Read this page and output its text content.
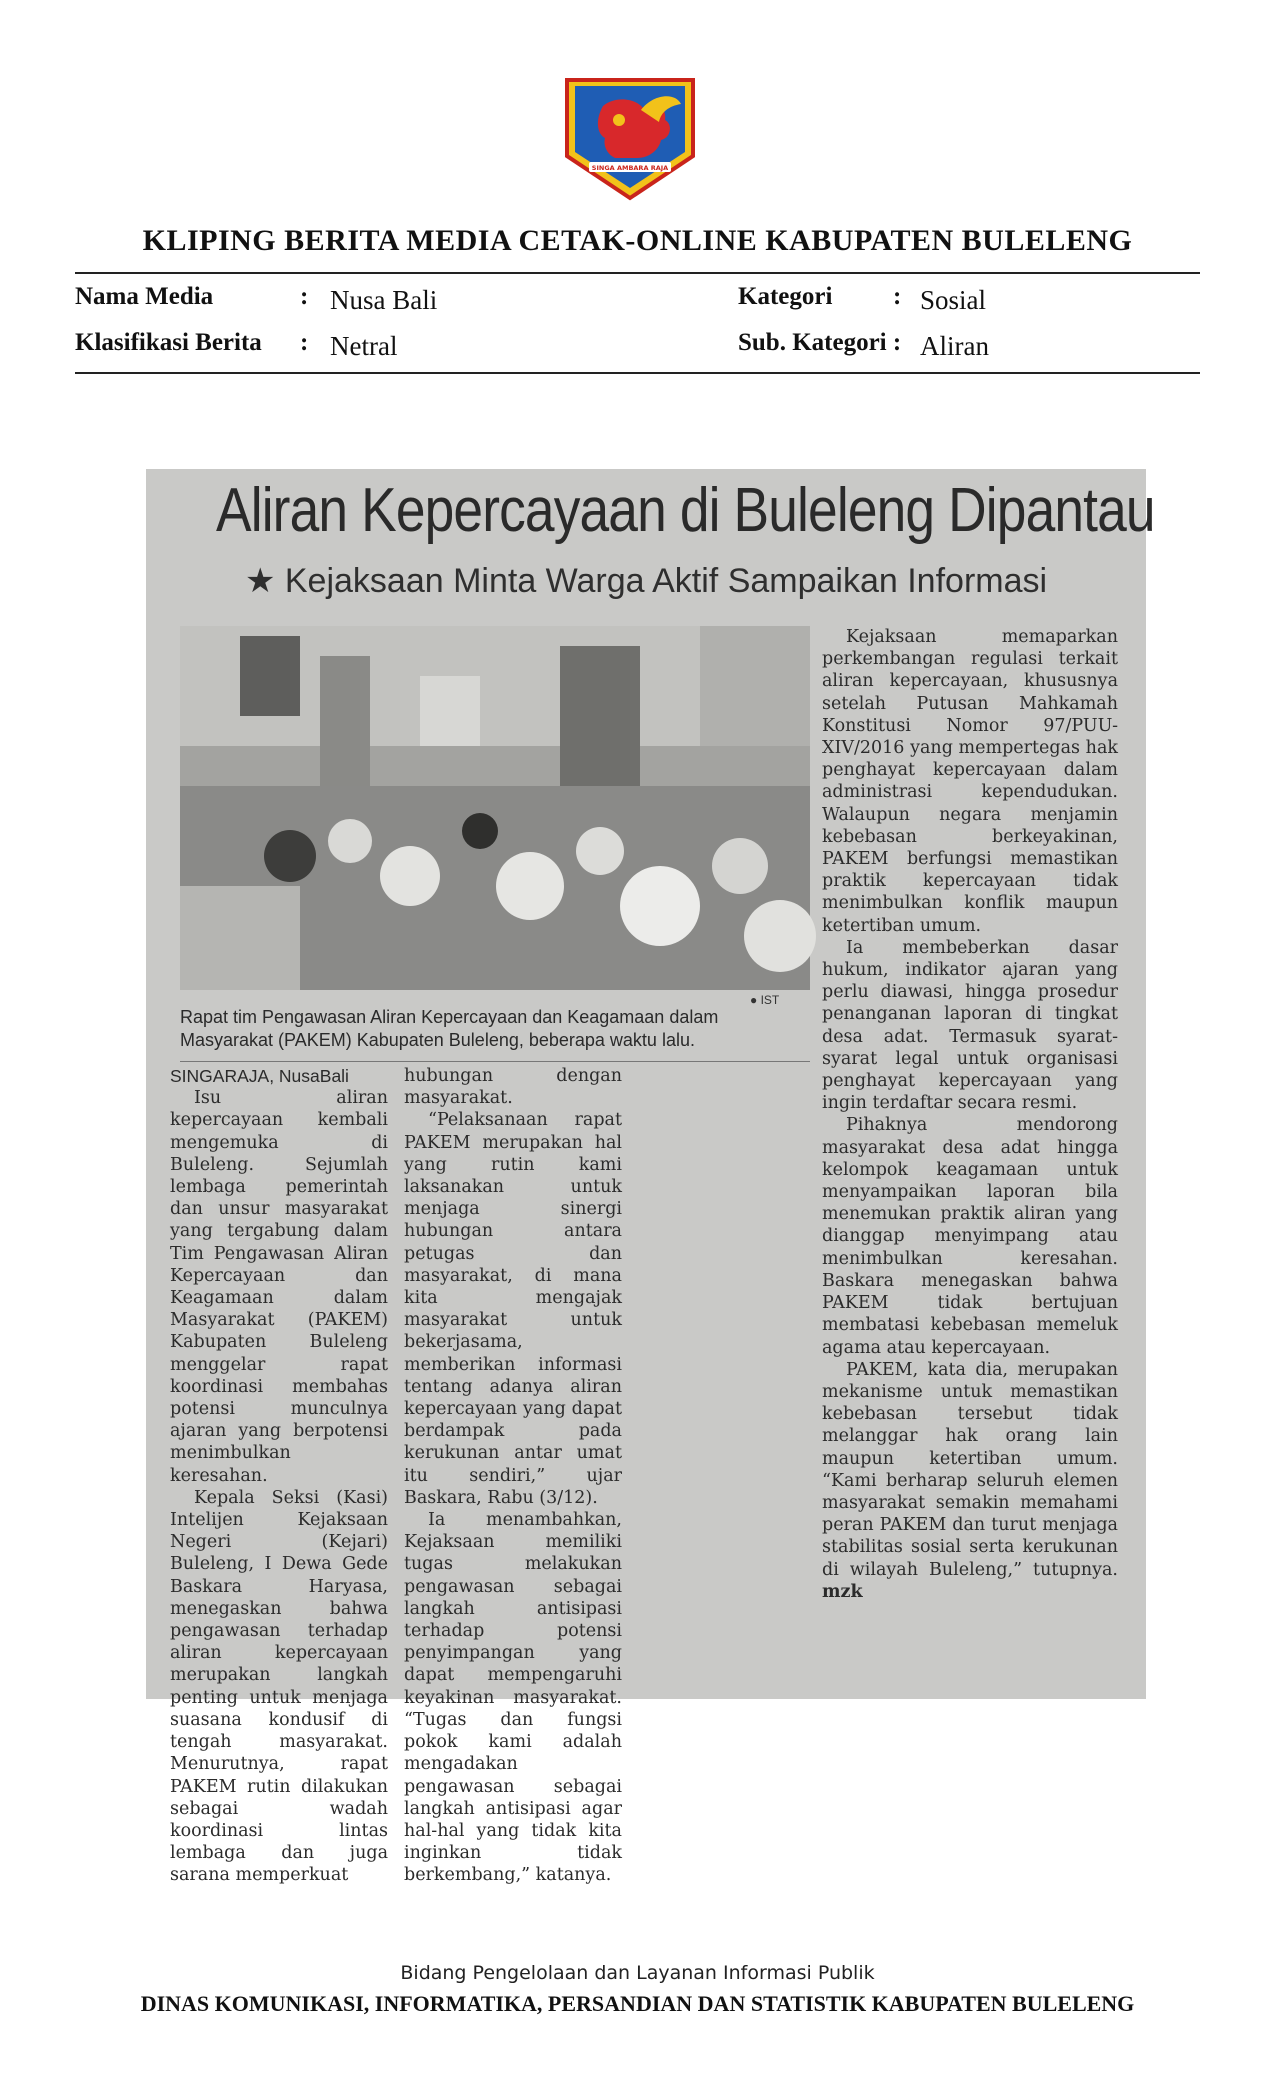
SINGA AMBARA RAJA
KLIPING BERITA MEDIA CETAK-ONLINE KABUPATEN BULELENG
Nama Media	: Nusa Bali
Klasifikasi Berita : Netral
Kategori : Sosial
Sub. Kategori : Aliran
Aliran Kepercayaan di Buleleng Dipantau
★ Kejaksaan Minta Warga Aktif Sampaikan Informasi
● IST
Rapat tim Pengawasan Aliran Kepercayaan dan Keagamaan dalam Masyarakat (PAKEM) Kabupaten Buleleng, beberapa waktu lalu.

SINGARAJA, NusaBali

Isu aliran kepercayaan kembali mengemuka di Buleleng. Sejumlah lembaga pemerintah dan unsur masyarakat yang tergabung dalam Tim Pengawasan Aliran Kepercayaan dan Keagamaan dalam Masyarakat (PAKEM) Kabupaten Buleleng menggelar rapat koordinasi membahas potensi munculnya ajaran yang berpotensi menimbulkan keresahan.

Kepala Seksi (Kasi) Intelijen Kejaksaan Negeri (Kejari) Buleleng, I Dewa Gede Baskara Haryasa, menegaskan bahwa pengawasan terhadap aliran kepercayaan merupakan langkah penting untuk menjaga suasana kondusif di tengah masyarakat. Menurutnya, rapat PAKEM rutin dilakukan sebagai wadah koordinasi lintas lembaga dan juga sarana memperkuat

hubungan dengan masyarakat.

“Pelaksanaan rapat PAKEM merupakan hal yang rutin kami laksanakan untuk menjaga sinergi hubungan antara petugas dan masyarakat, di mana kita mengajak masyarakat untuk bekerjasama, memberikan informasi tentang adanya aliran kepercayaan yang dapat berdampak pada kerukunan antar umat itu sendiri,” ujar Baskara, Rabu (3/12).

Ia menambahkan, Kejaksaan memiliki tugas melakukan pengawasan sebagai langkah antisipasi terhadap potensi penyimpangan yang dapat mempengaruhi keyakinan masyarakat. “Tugas dan fungsi pokok kami adalah mengadakan pengawasan sebagai langkah antisipasi agar hal-hal yang tidak kita inginkan tidak berkembang,” katanya.

Kejaksaan memaparkan perkembangan regulasi terkait aliran kepercayaan, khususnya setelah Putusan Mahkamah Konstitusi Nomor 97/PUU-XIV/2016 yang mempertegas hak penghayat kepercayaan dalam administrasi kependudukan. Walaupun negara menjamin kebebasan berkeyakinan, PAKEM berfungsi memastikan praktik kepercayaan tidak menimbulkan konflik maupun ketertiban umum.

Ia membeberkan dasar hukum, indikator ajaran yang perlu diawasi, hingga prosedur penanganan laporan di tingkat desa adat. Termasuk syarat-syarat legal untuk organisasi penghayat kepercayaan yang ingin terdaftar secara resmi.

Pihaknya mendorong masyarakat desa adat hingga kelompok keagamaan untuk menyampaikan laporan bila menemukan praktik aliran yang dianggap menyimpang atau menimbulkan keresahan. Baskara menegaskan bahwa PAKEM tidak bertujuan membatasi kebebasan memeluk agama atau kepercayaan.

PAKEM, kata dia, merupakan mekanisme untuk memastikan kebebasan tersebut tidak melanggar hak orang lain maupun ketertiban umum. “Kami berharap seluruh elemen masyarakat semakin memahami peran PAKEM dan turut menjaga stabilitas sosial serta kerukunan di wilayah Buleleng,” tutupnya. mzk

Bidang Pengelolaan dan Layanan Informasi Publik
DINAS KOMUNIKASI, INFORMATIKA, PERSANDIAN DAN STATISTIK KABUPATEN BULELENG
